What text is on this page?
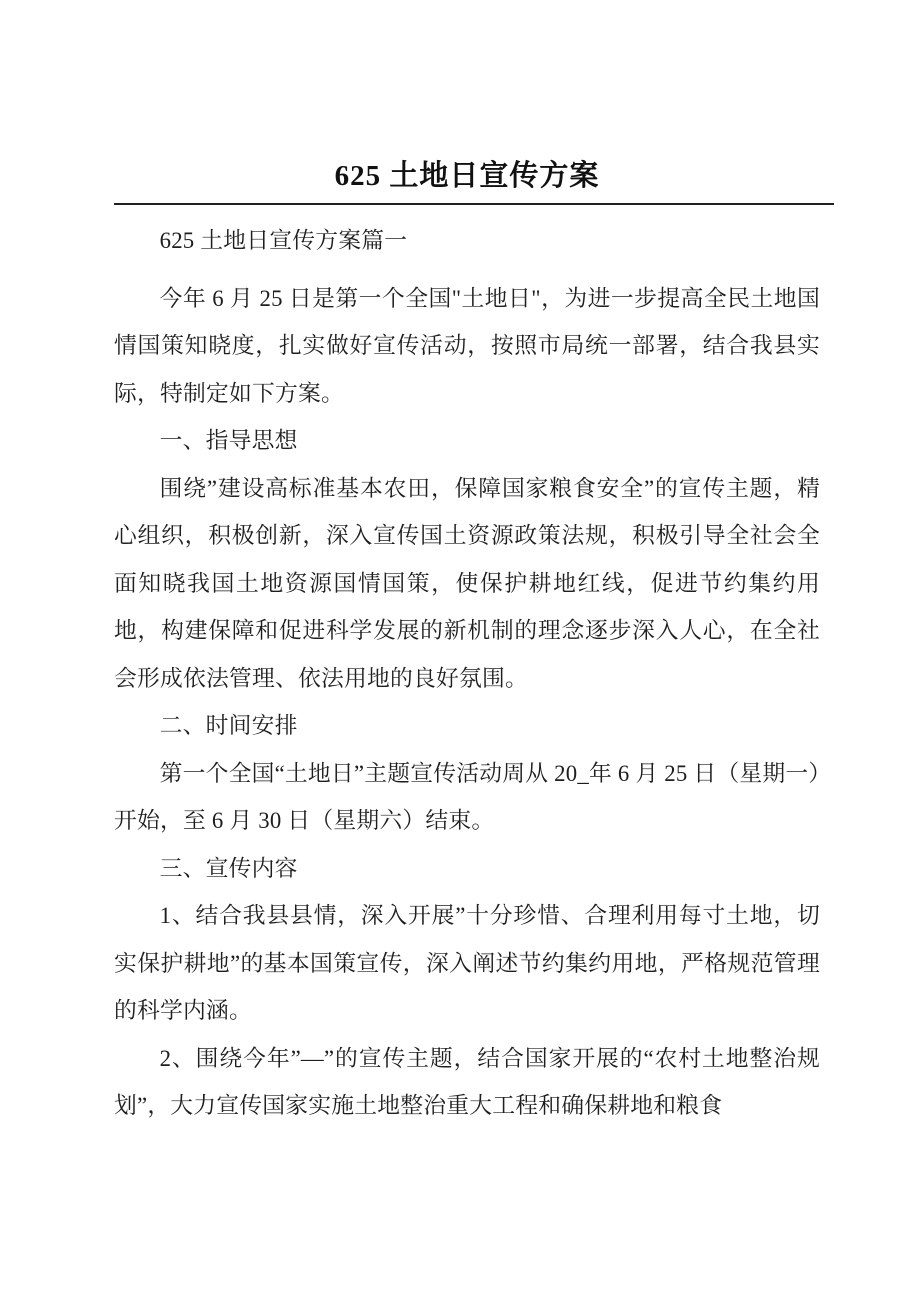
625 土地日宣传方案
625 土地日宣传方案篇一
今年 6 月 25 日是第一个全国"土地日"，为进一步提高全民土地国情国策知晓度，扎实做好宣传活动，按照市局统一部署，结合我县实际，特制定如下方案。
一、指导思想
围绕”建设高标准基本农田，保障国家粮食安全”的宣传主题，精心组织，积极创新，深入宣传国土资源政策法规，积极引导全社会全面知晓我国土地资源国情国策，使保护耕地红线，促进节约集约用地，构建保障和促进科学发展的新机制的理念逐步深入人心，在全社会形成依法管理、依法用地的良好氛围。
二、时间安排
第一个全国“土地日”主题宣传活动周从 20_年 6 月 25 日（星期一）开始，至 6 月 30 日（星期六）结束。
三、宣传内容
1、结合我县县情，深入开展”十分珍惜、合理利用每寸土地，切实保护耕地”的基本国策宣传，深入阐述节约集约用地，严格规范管理的科学内涵。
2、围绕今年”—”的宣传主题，结合国家开展的“农村土地整治规划”，大力宣传国家实施土地整治重大工程和确保耕地和粮食
